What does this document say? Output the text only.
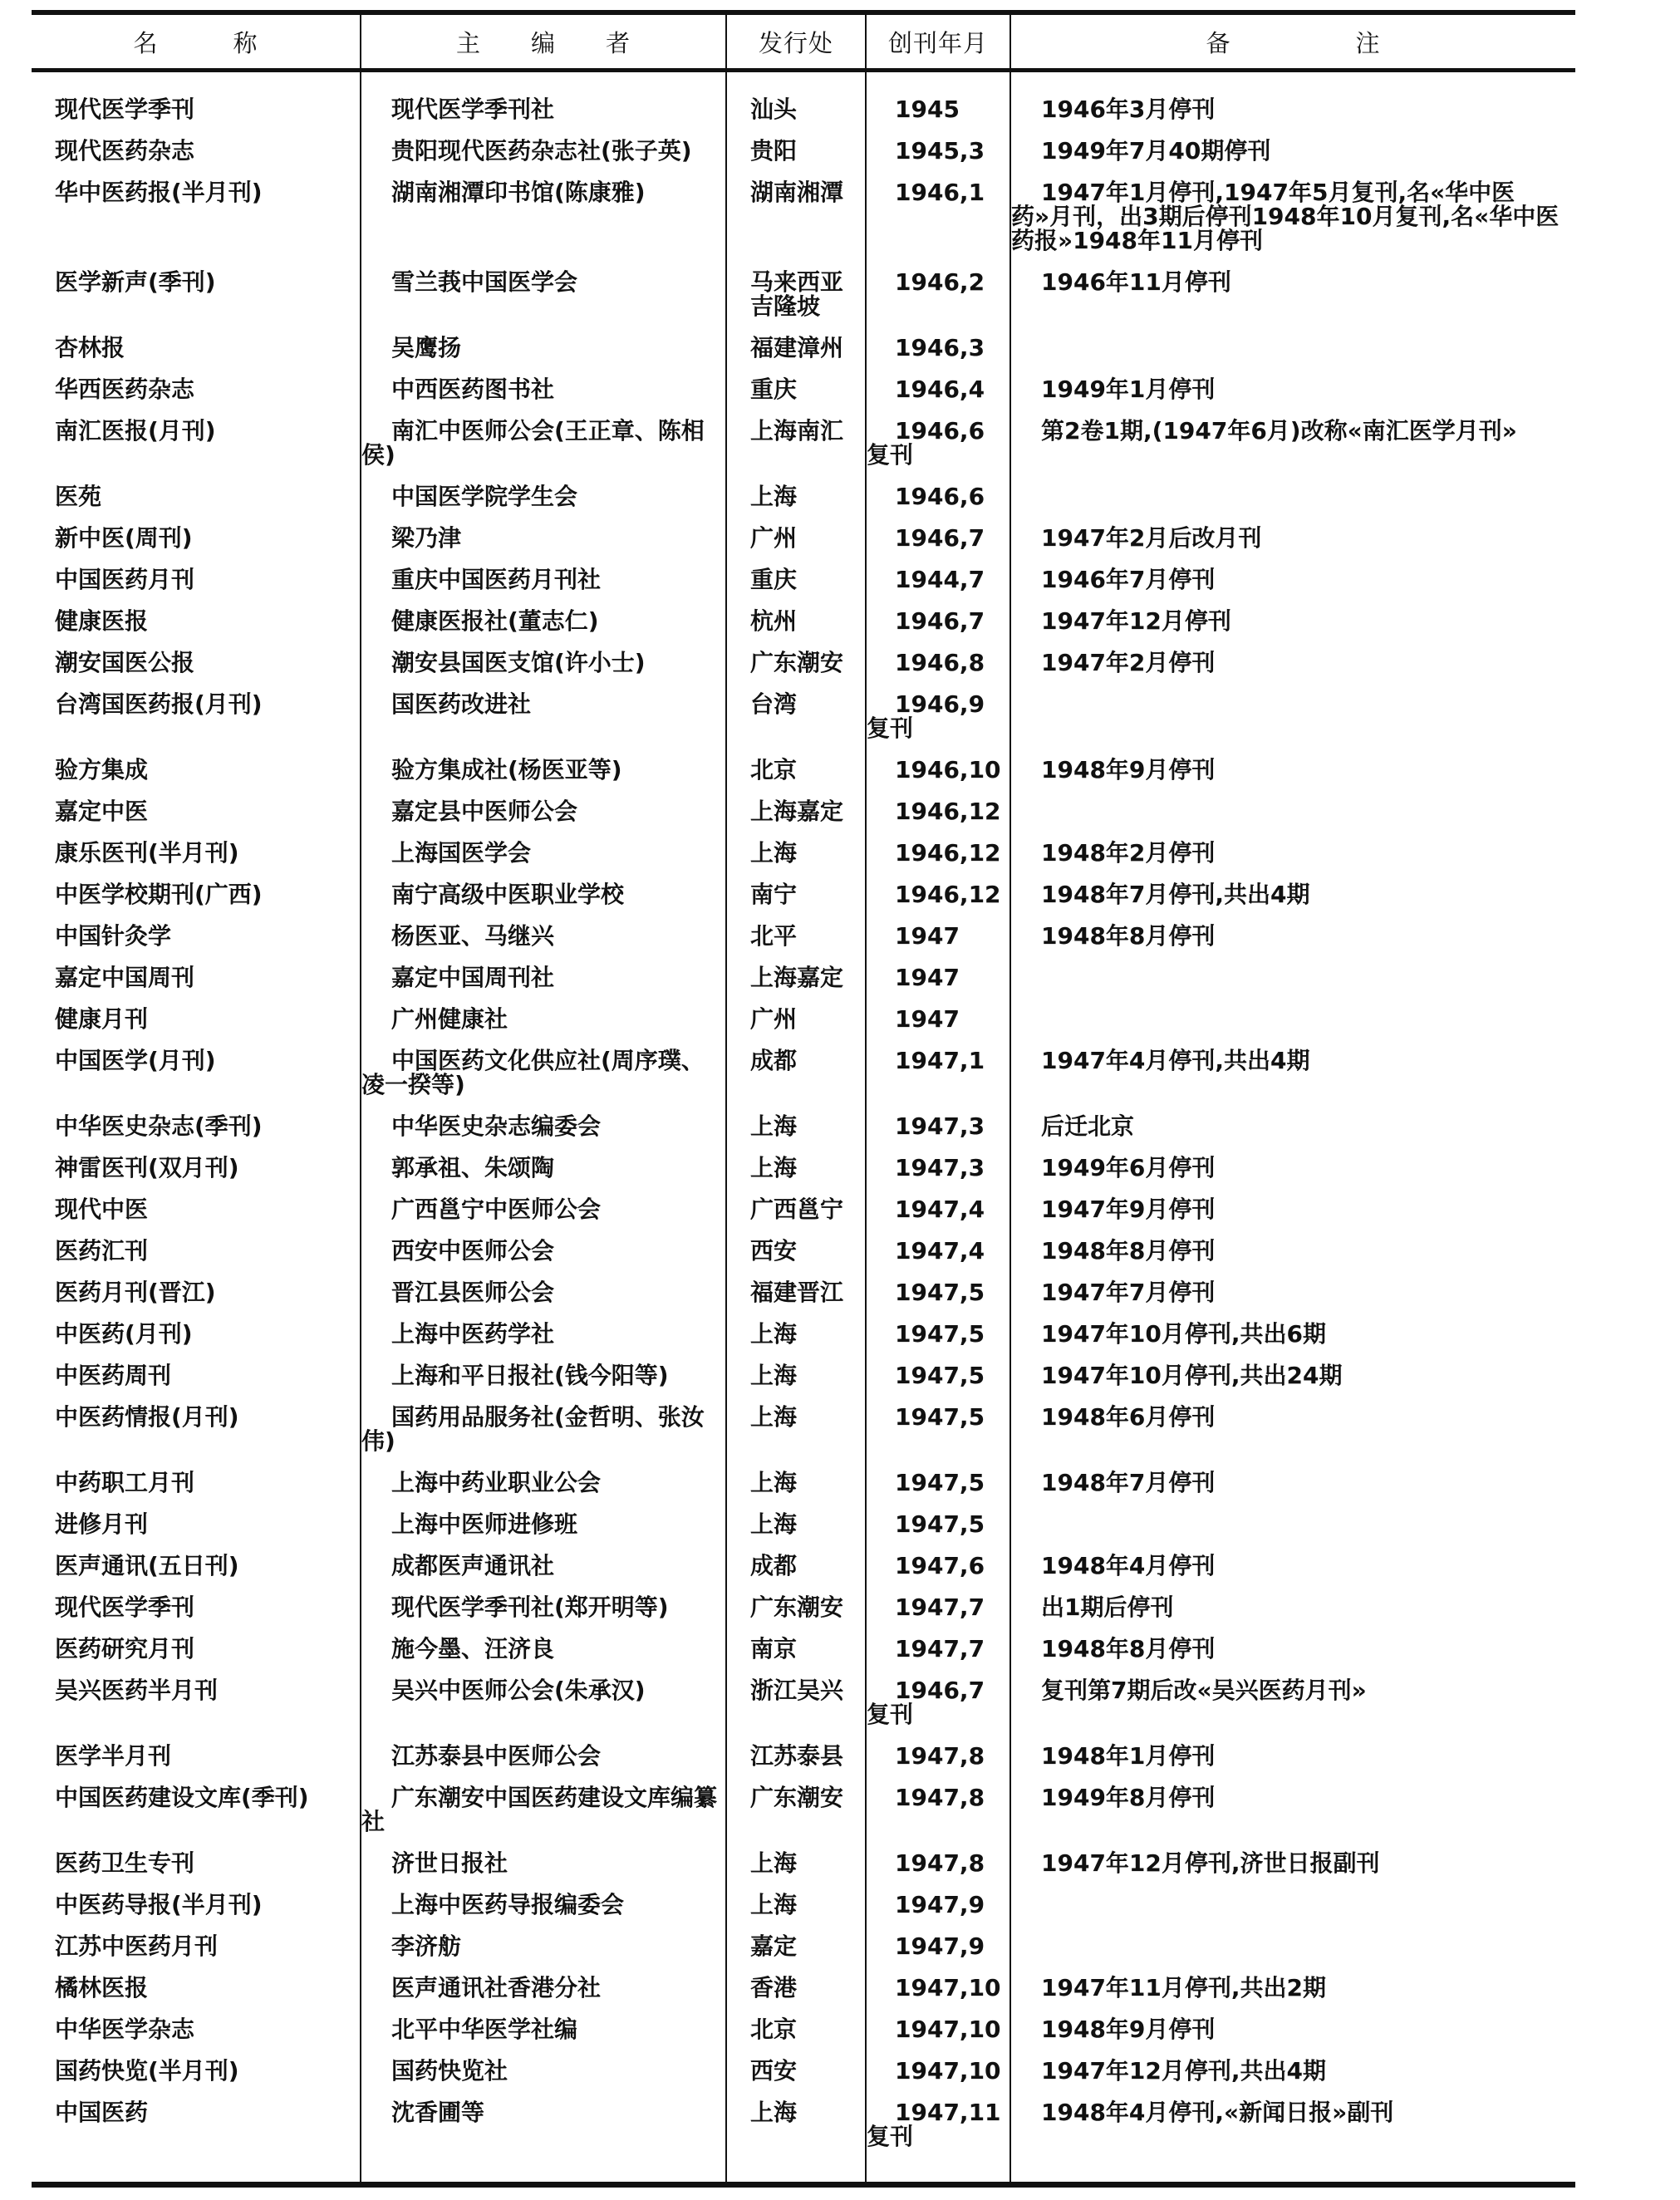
名　　　称	主　　编　　者	发行处	创刊年月	备　　　　　注
现代医学季刊	现代医学季刊社	汕头	1945	1946年3月停刊
现代医药杂志	贵阳现代医药杂志社(张子英)	贵阳	1945,3	1949年7月40期停刊
华中医药报(半月刊)	湖南湘潭印书馆(陈康雅)	湖南湘潭	1946,1	1947年1月停刊,1947年5月复刊,名«华中医药»月刊，出3期后停刊1948年10月复刊,名«华中医药报»1948年11月停刊
医学新声(季刊)	雪兰莪中国医学会	马来西亚吉隆坡	1946,2	1946年11月停刊
杏林报	吴鹰扬	福建漳州	1946,3	
华西医药杂志	中西医药图书社	重庆	1946,4	1949年1月停刊
南汇医报(月刊)	南汇中医师公会(王正章、陈相侯)	上海南汇	1946,6复刊	第2卷1期,(1947年6月)改称«南汇医学月刊»
医苑	中国医学院学生会	上海	1946,6	
新中医(周刊)	梁乃津	广州	1946,7	1947年2月后改月刊
中国医药月刊	重庆中国医药月刊社	重庆	1944,7	1946年7月停刊
健康医报	健康医报社(董志仁)	杭州	1946,7	1947年12月停刊
潮安国医公报	潮安县国医支馆(许小士)	广东潮安	1946,8	1947年2月停刊
台湾国医药报(月刊)	国医药改进社	台湾	1946,9复刊	
验方集成	验方集成社(杨医亚等)	北京	1946,10	1948年9月停刊
嘉定中医	嘉定县中医师公会	上海嘉定	1946,12	
康乐医刊(半月刊)	上海国医学会	上海	1946,12	1948年2月停刊
中医学校期刊(广西)	南宁高级中医职业学校	南宁	1946,12	1948年7月停刊,共出4期
中国针灸学	杨医亚、马继兴	北平	1947	1948年8月停刊
嘉定中国周刊	嘉定中国周刊社	上海嘉定	1947	
健康月刊	广州健康社	广州	1947	
中国医学(月刊)	中国医药文化供应社(周序璞、凌一揆等)	成都	1947,1	1947年4月停刊,共出4期
中华医史杂志(季刊)	中华医史杂志编委会	上海	1947,3	后迁北京
神雷医刊(双月刊)	郭承祖、朱颂陶	上海	1947,3	1949年6月停刊
现代中医	广西邕宁中医师公会	广西邕宁	1947,4	1947年9月停刊
医药汇刊	西安中医师公会	西安	1947,4	1948年8月停刊
医药月刊(晋江)	晋江县医师公会	福建晋江	1947,5	1947年7月停刊
中医药(月刊)	上海中医药学社	上海	1947,5	1947年10月停刊,共出6期
中医药周刊	上海和平日报社(钱今阳等)	上海	1947,5	1947年10月停刊,共出24期
中医药情报(月刊)	国药用品服务社(金哲明、张汝伟)	上海	1947,5	1948年6月停刊
中药职工月刊	上海中药业职业公会	上海	1947,5	1948年7月停刊
进修月刊	上海中医师进修班	上海	1947,5	
医声通讯(五日刊)	成都医声通讯社	成都	1947,6	1948年4月停刊
现代医学季刊	现代医学季刊社(郑开明等)	广东潮安	1947,7	出1期后停刊
医药研究月刊	施今墨、汪济良	南京	1947,7	1948年8月停刊
吴兴医药半月刊	吴兴中医师公会(朱承汉)	浙江吴兴	1946,7复刊	复刊第7期后改«吴兴医药月刊»
医学半月刊	江苏泰县中医师公会	江苏泰县	1947,8	1948年1月停刊
中国医药建设文库(季刊)	广东潮安中国医药建设文库编纂社	广东潮安	1947,8	1949年8月停刊
医药卫生专刊	济世日报社	上海	1947,8	1947年12月停刊,济世日报副刊
中医药导报(半月刊)	上海中医药导报编委会	上海	1947,9	
江苏中医药月刊	李济舫	嘉定	1947,9	
橘林医报	医声通讯社香港分社	香港	1947,10	1947年11月停刊,共出2期
中华医学杂志	北平中华医学社编	北京	1947,10	1948年9月停刊
国药快览(半月刊)	国药快览社	西安	1947,10	1947年12月停刊,共出4期
中国医药	沈香圃等	上海	1947,11复刊	1948年4月停刊,«新闻日报»副刊
